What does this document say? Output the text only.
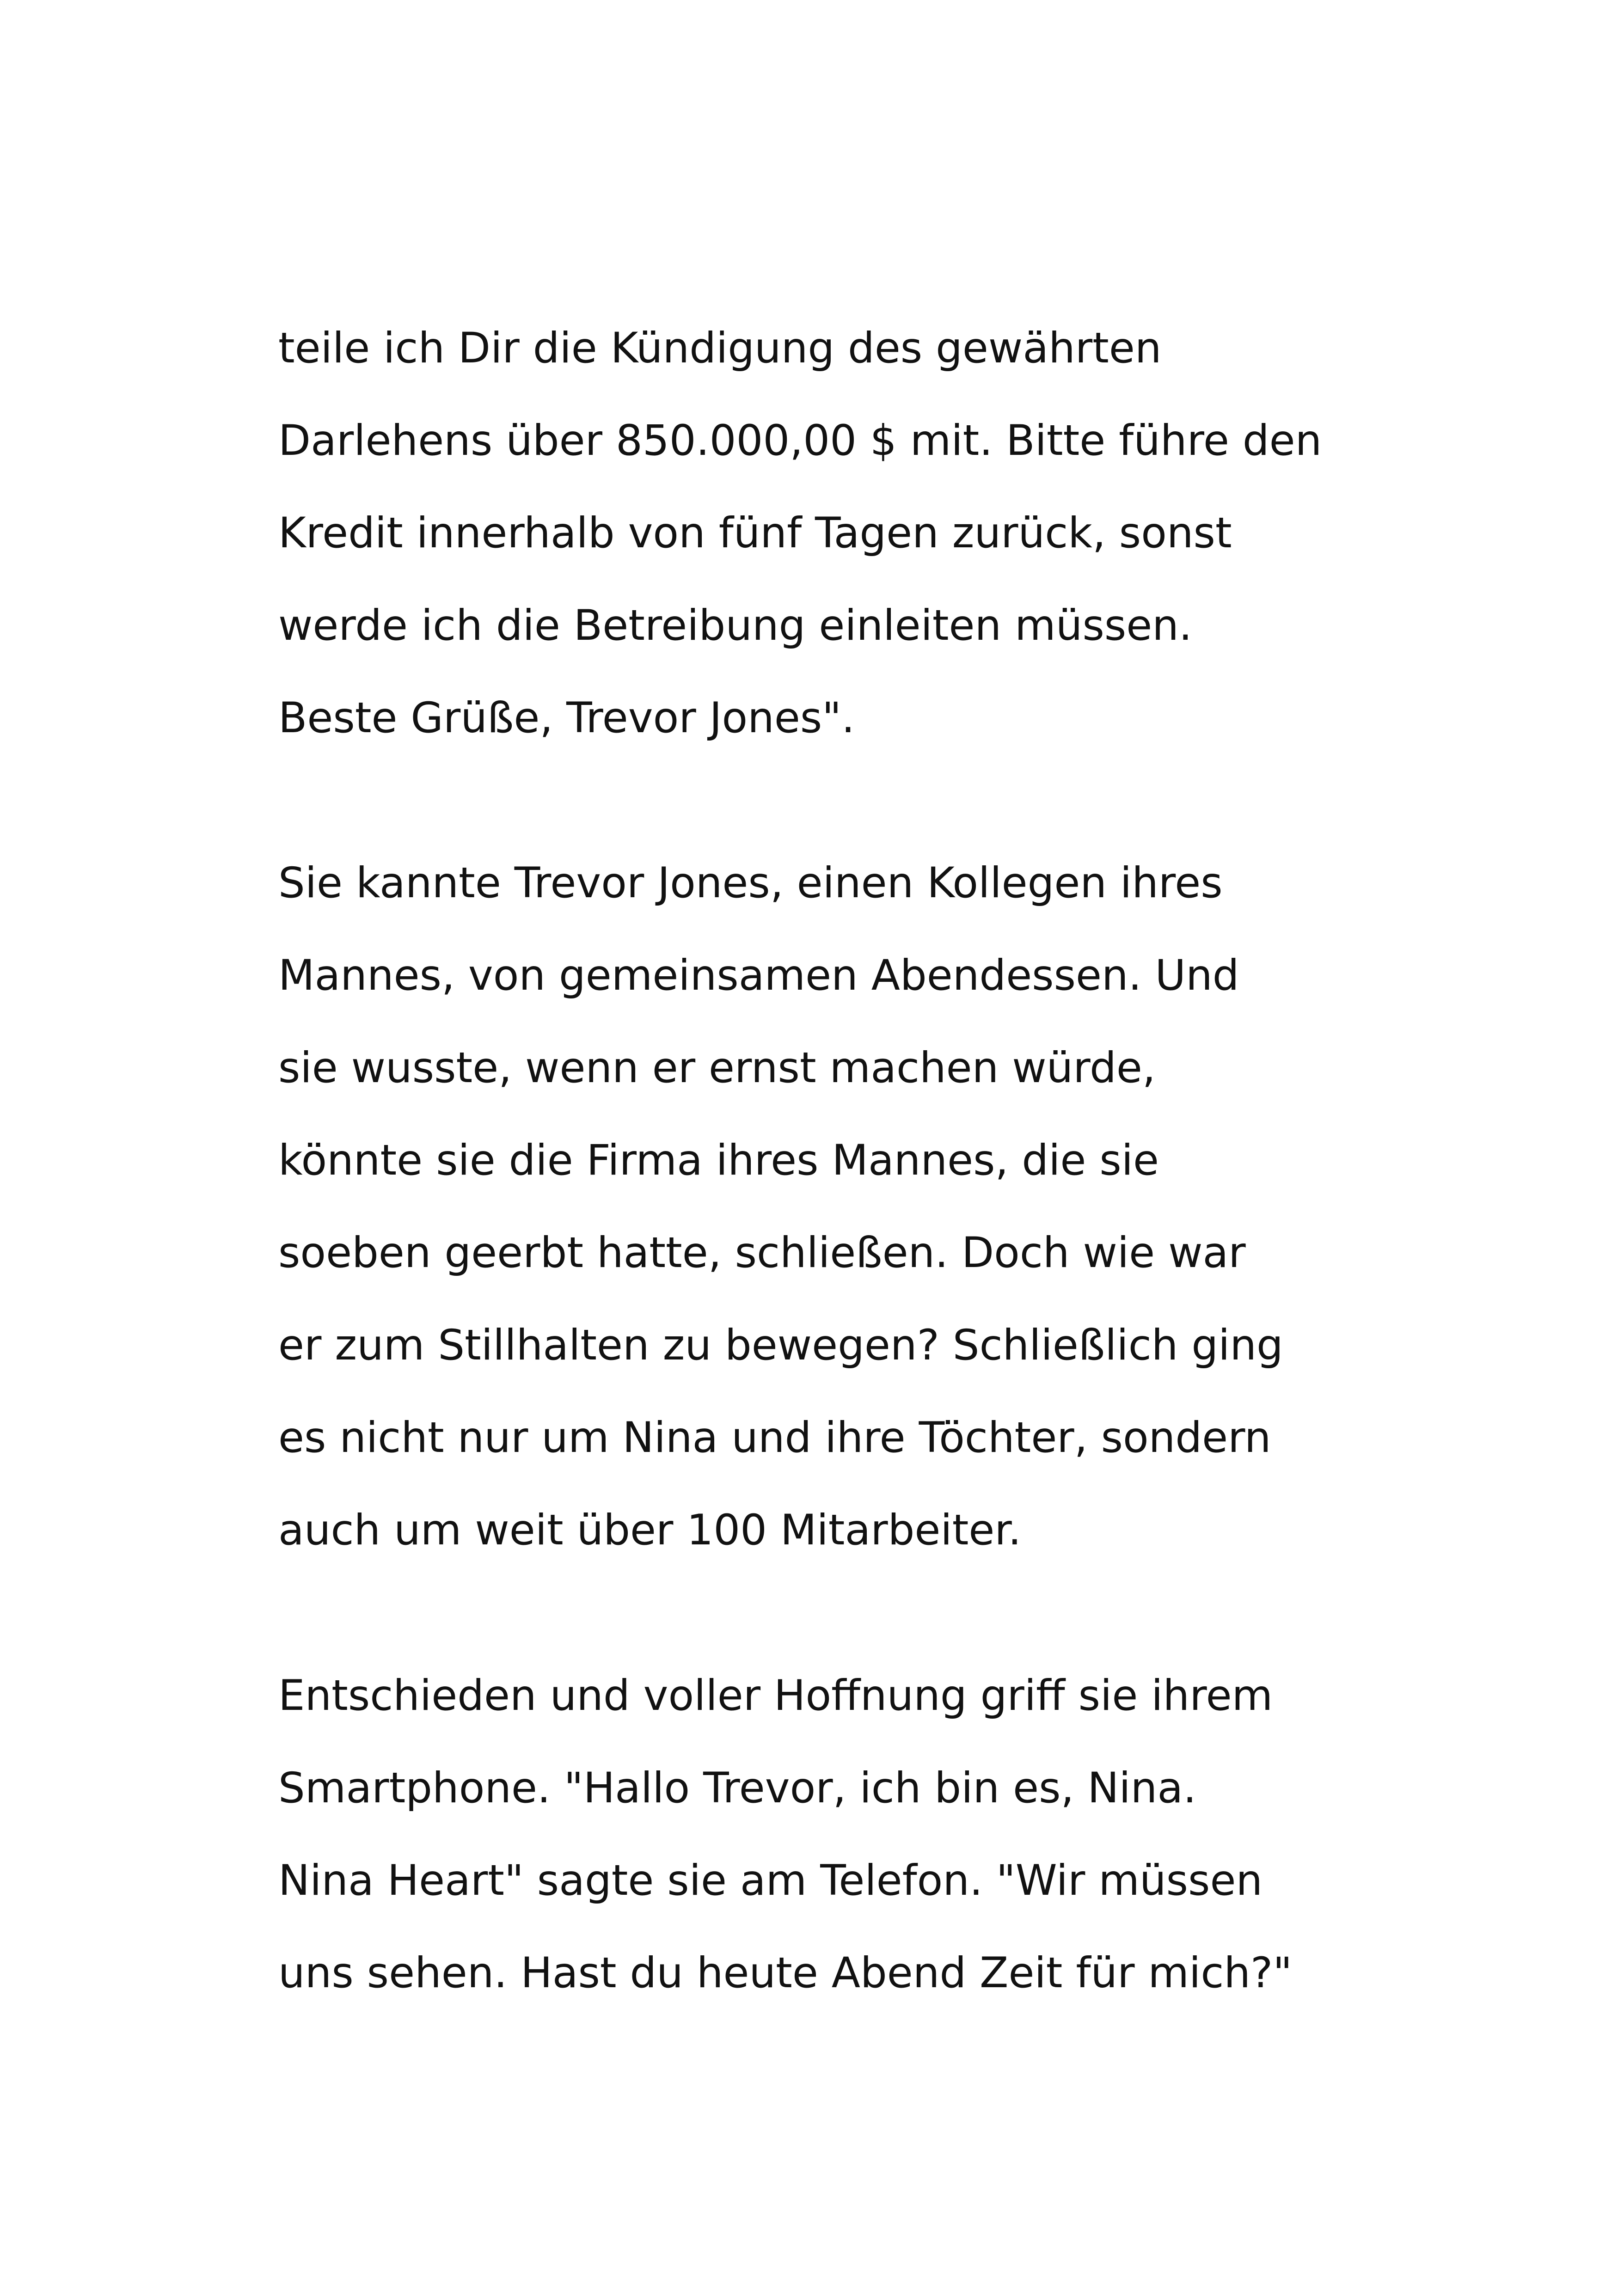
teile ich Dir die Kündigung des gewährten
Darlehens über 850.000,00 $ mit. Bitte führe den
Kredit innerhalb von fünf Tagen zurück, sonst
werde ich die Betreibung einleiten müssen.
Beste Grüße, Trevor Jones".
Sie kannte Trevor Jones, einen Kollegen ihres
Mannes, von gemeinsamen Abendessen. Und
sie wusste, wenn er ernst machen würde,
könnte sie die Firma ihres Mannes, die sie
soeben geerbt hatte, schließen. Doch wie war
er zum Stillhalten zu bewegen? Schließlich ging
es nicht nur um Nina und ihre Töchter, sondern
auch um weit über 100 Mitarbeiter.
Entschieden und voller Hoffnung griff sie ihrem
Smartphone. "Hallo Trevor, ich bin es, Nina.
Nina Heart" sagte sie am Telefon. "Wir müssen
uns sehen. Hast du heute Abend Zeit für mich?"
